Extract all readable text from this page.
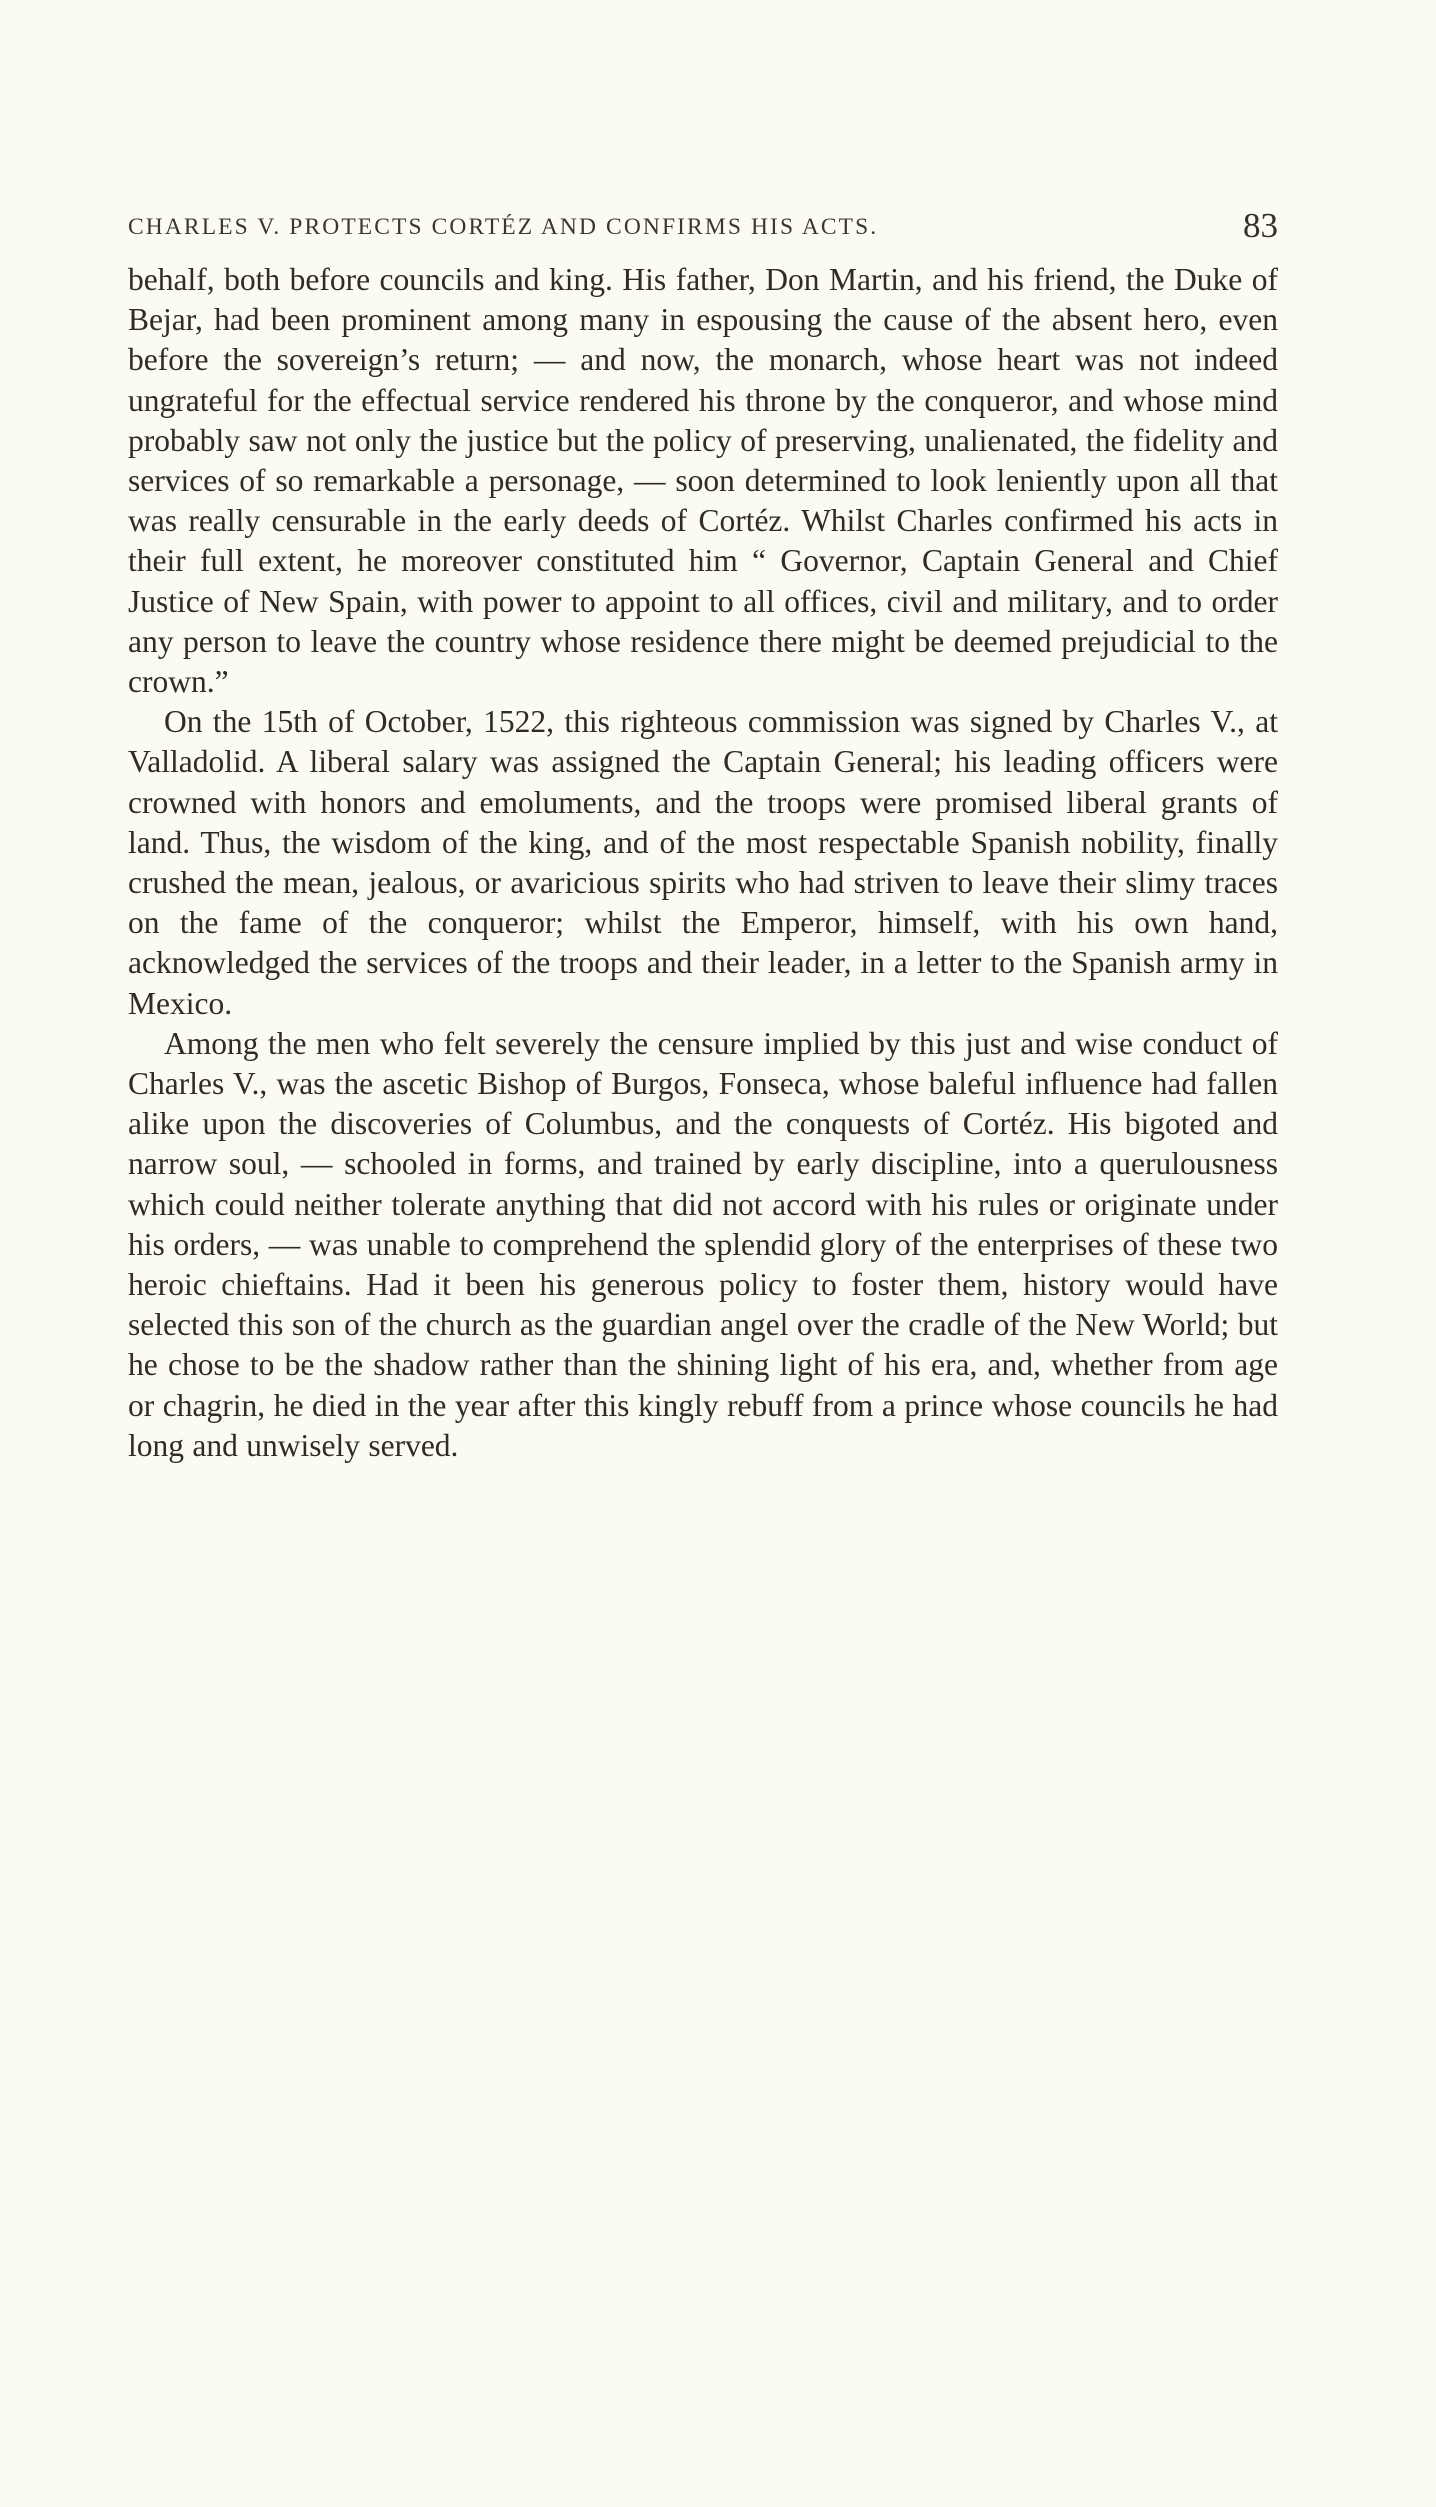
CHARLES V. PROTECTS CORTÉZ AND CONFIRMS HIS ACTS.	83

behalf, both before councils and king. His father, Don Martin, and his friend, the Duke of Bejar, had been prominent among many in espousing the cause of the absent hero, even before the sovereign’s return; — and now, the monarch, whose heart was not indeed ungrateful for the effectual service rendered his throne by the conqueror, and whose mind probably saw not only the justice but the policy of preserving, unalienated, the fidelity and services of so remarkable a personage, — soon determined to look leniently upon all that was really censurable in the early deeds of Cortéz. Whilst Charles confirmed his acts in their full extent, he moreover constituted him “ Governor, Captain General and Chief Justice of New Spain, with power to appoint to all offices, civil and military, and to order any person to leave the country whose residence there might be deemed prejudicial to the crown.”

On the 15th of October, 1522, this righteous commission was signed by Charles V., at Valladolid. A liberal salary was assigned the Captain General; his leading officers were crowned with honors and emoluments, and the troops were promised liberal grants of land. Thus, the wisdom of the king, and of the most respectable Spanish nobility, finally crushed the mean, jealous, or avaricious spirits who had striven to leave their slimy traces on the fame of the conqueror; whilst the Emperor, himself, with his own hand, acknowledged the services of the troops and their leader, in a letter to the Spanish army in Mexico.

Among the men who felt severely the censure implied by this just and wise conduct of Charles V., was the ascetic Bishop of Burgos, Fonseca, whose baleful influence had fallen alike upon the discoveries of Columbus, and the conquests of Cortéz. His bigoted and narrow soul, — schooled in forms, and trained by early discipline, into a querulousness which could neither tolerate anything that did not accord with his rules or originate under his orders, — was unable to comprehend the splendid glory of the enterprises of these two heroic chieftains. Had it been his generous policy to foster them, history would have selected this son of the church as the guardian angel over the cradle of the New World; but he chose to be the shadow rather than the shining light of his era, and, whether from age or chagrin, he died in the year after this kingly rebuff from a prince whose councils he had long and unwisely served.
